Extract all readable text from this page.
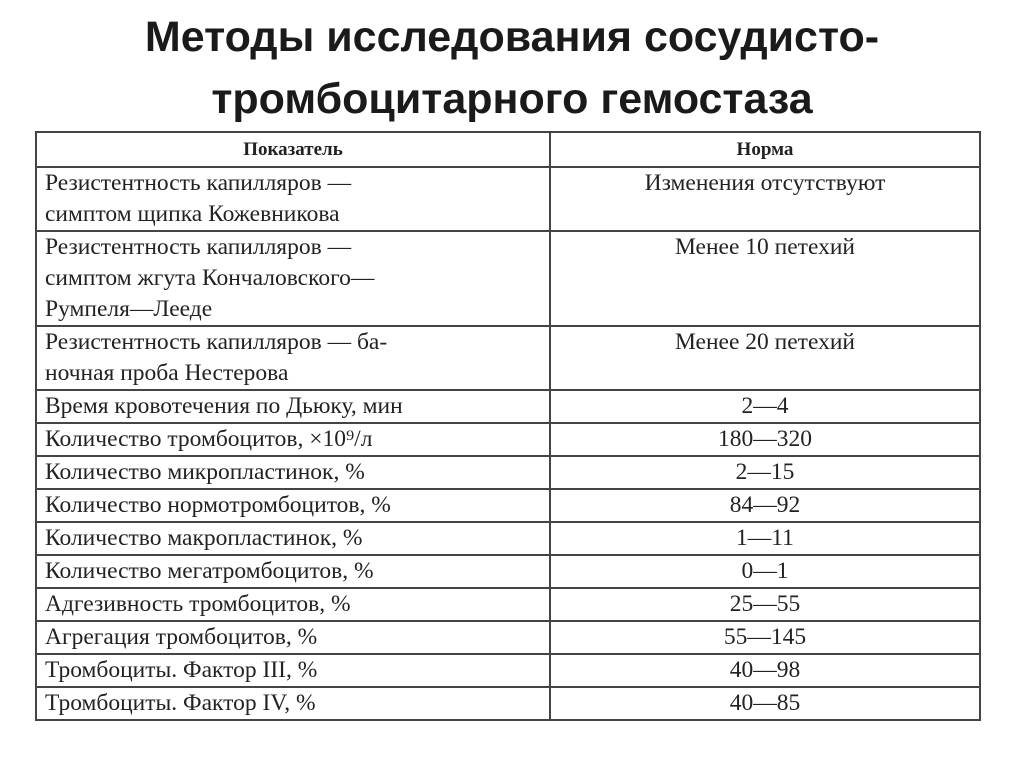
Методы исследования сосудисто-
тромбоцитарного гемостаза
Показатель	Норма
Резистентность капилляров —
симптом щипка Кожевникова	Изменения отсутствуют
Резистентность капилляров —
симптом жгута Кончаловского—
Румпеля—Лееде	Менее 10 петехий
Резистентность капилляров — ба-
ночная проба Нестерова	Менее 20 петехий
Время кровотечения по Дьюку, мин	2—4
Количество тромбоцитов, ×10⁹/л	180—320
Количество микропластинок, %	2—15
Количество нормотромбоцитов, %	84—92
Количество макропластинок, %	1—11
Количество мегатромбоцитов, %	0—1
Адгезивность тромбоцитов, %	25—55
Агрегация тромбоцитов, %	55—145
Тромбоциты. Фактор III, %	40—98
Тромбоциты. Фактор IV, %	40—85
